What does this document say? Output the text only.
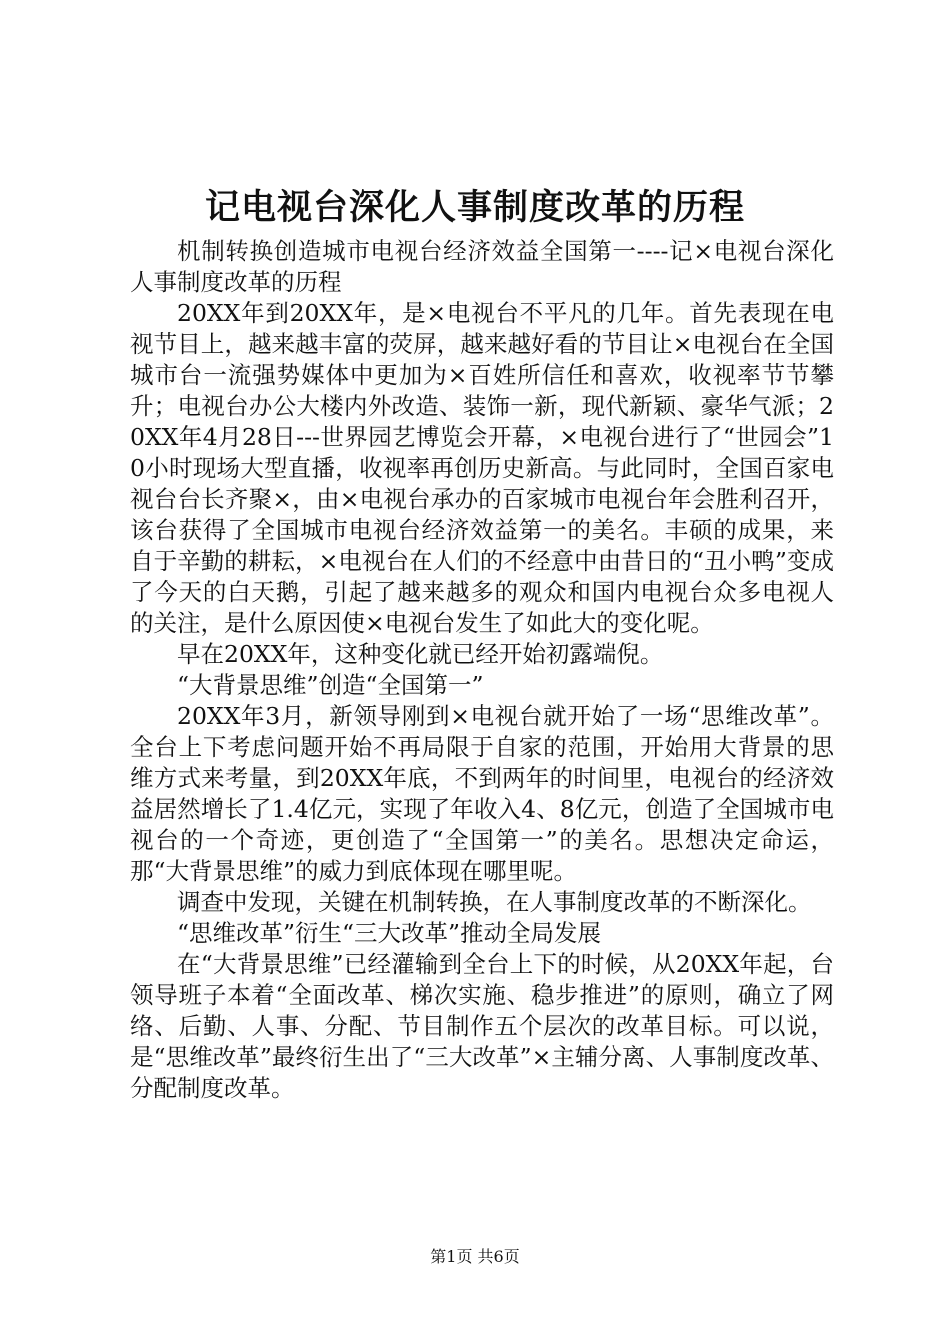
记电视台深化人事制度改革的历程

机制转换创造城市电视台经济效益全国第一----记×电视台深化人事制度改革的历程

20XX年到20XX年，是×电视台不平凡的几年。首先表现在电视节目上，越来越丰富的荧屏，越来越好看的节目让×电视台在全国城市台一流强势媒体中更加为×百姓所信任和喜欢，收视率节节攀升；电视台办公大楼内外改造、装饰一新，现代新颖、豪华气派；20XX年4月28日---世界园艺博览会开幕，×电视台进行了“世园会”10小时现场大型直播，收视率再创历史新高。与此同时，全国百家电视台台长齐聚×，由×电视台承办的百家城市电视台年会胜利召开，该台获得了全国城市电视台经济效益第一的美名。丰硕的成果，来自于辛勤的耕耘，×电视台在人们的不经意中由昔日的“丑小鸭”变成了今天的白天鹅，引起了越来越多的观众和国内电视台众多电视人的关注，是什么原因使×电视台发生了如此大的变化呢。

早在20XX年，这种变化就已经开始初露端倪。

“大背景思维”创造“全国第一”

20XX年3月，新领导刚到×电视台就开始了一场“思维改革”。全台上下考虑问题开始不再局限于自家的范围，开始用大背景的思维方式来考量，到20XX年底，不到两年的时间里，电视台的经济效益居然增长了1.4亿元，实现了年收入4、8亿元，创造了全国城市电视台的一个奇迹，更创造了“全国第一”的美名。思想决定命运，那“大背景思维”的威力到底体现在哪里呢。

调查中发现，关键在机制转换，在人事制度改革的不断深化。

“思维改革”衍生“三大改革”推动全局发展

在“大背景思维”已经灌输到全台上下的时候，从20XX年起，台领导班子本着“全面改革、梯次实施、稳步推进”的原则，确立了网络、后勤、人事、分配、节目制作五个层次的改革目标。可以说，是“思维改革”最终衍生出了“三大改革”×主辅分离、人事制度改革、分配制度改革。

第1页 共6页
